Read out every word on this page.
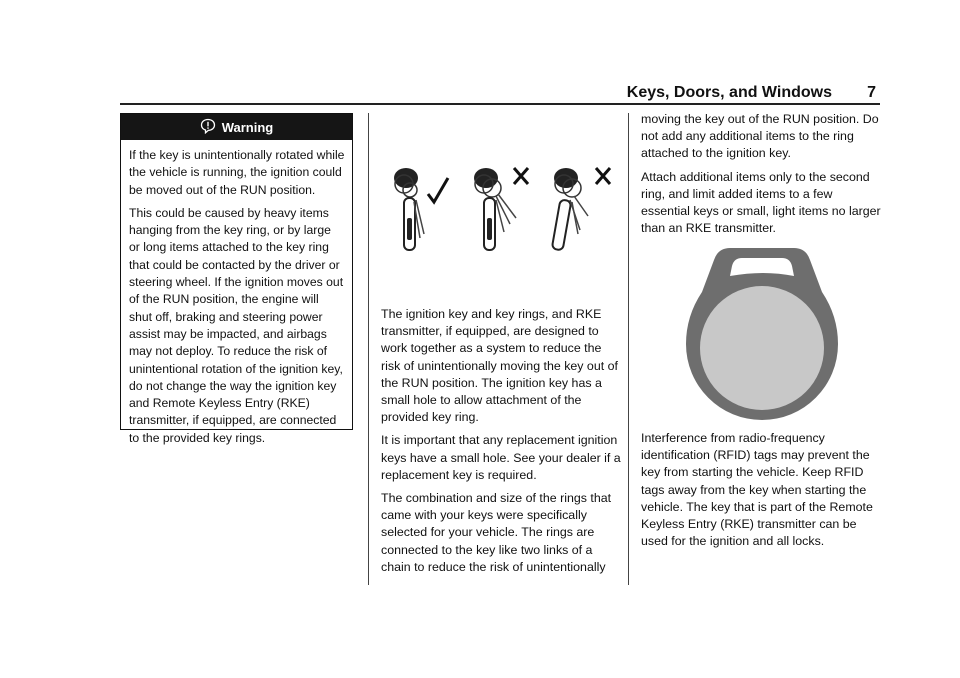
Keys, Doors, and Windows 7
Warning

If the key is unintentionally rotated while the vehicle is running, the ignition could be moved out of the RUN position.

This could be caused by heavy items hanging from the key ring, or by large or long items attached to the key ring that could be contacted by the driver or steering wheel. If the ignition moves out of the RUN position, the engine will shut off, braking and steering power assist may be impacted, and airbags may not deploy. To reduce the risk of unintentional rotation of the ignition key, do not change the way the ignition key and Remote Keyless Entry (RKE) transmitter, if equipped, are connected to the provided key rings.

The ignition key and key rings, and RKE transmitter, if equipped, are designed to work together as a system to reduce the risk of unintentionally moving the key out of the RUN position. The ignition key has a small hole to allow attachment of the provided key ring.

It is important that any replacement ignition keys have a small hole. See your dealer if a replacement key is required.

The combination and size of the rings that came with your keys were specifically selected for your vehicle. The rings are connected to the key like two links of a chain to reduce the risk of unintentionally

moving the key out of the RUN position. Do not add any additional items to the ring attached to the ignition key.

Attach additional items only to the second ring, and limit added items to a few essential keys or small, light items no larger than an RKE transmitter.

Interference from radio-frequency identification (RFID) tags may prevent the key from starting the vehicle. Keep RFID tags away from the key when starting the vehicle. The key that is part of the Remote Keyless Entry (RKE) transmitter can be used for the ignition and all locks.
